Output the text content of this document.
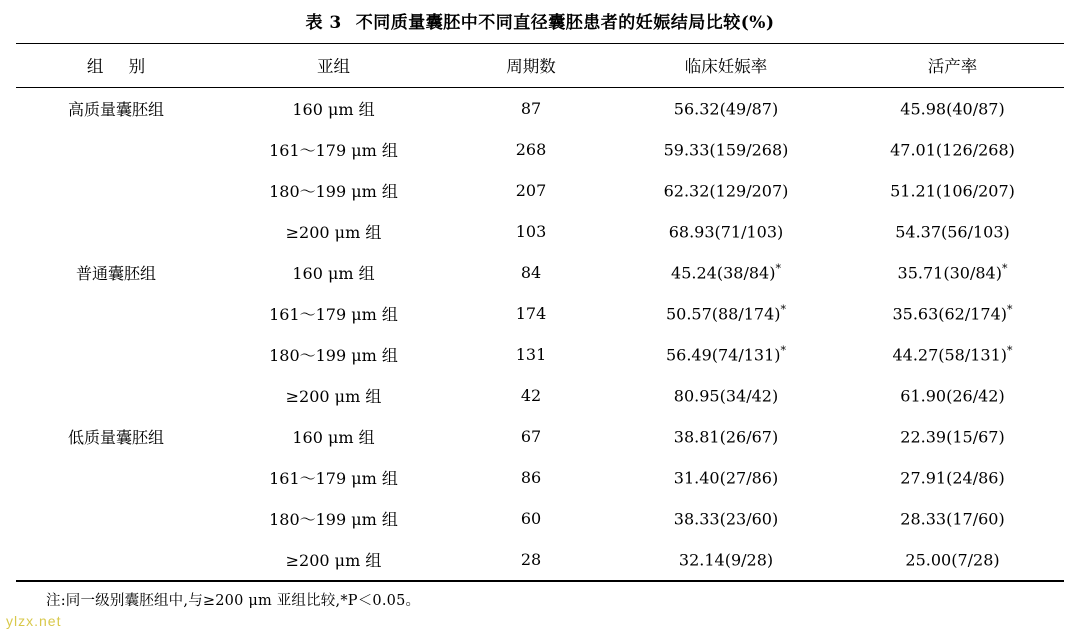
表 3 不同质量囊胚中不同直径囊胚患者的妊娠结局比较(%)
组 别	亚组	周期数	临床妊娠率	活产率
高质量囊胚组	160 μm 组	87	56.32(49/87)	45.98(40/87)
	161～179 μm 组	268	59.33(159/268)	47.01(126/268)
	180～199 μm 组	207	62.32(129/207)	51.21(106/207)
	≥200 μm 组	103	68.93(71/103)	54.37(56/103)
普通囊胚组	160 μm 组	84	45.24(38/84)*	35.71(30/84)*
	161～179 μm 组	174	50.57(88/174)*	35.63(62/174)*
	180～199 μm 组	131	56.49(74/131)*	44.27(58/131)*
	≥200 μm 组	42	80.95(34/42)	61.90(26/42)
低质量囊胚组	160 μm 组	67	38.81(26/67)	22.39(15/67)
	161～179 μm 组	86	31.40(27/86)	27.91(24/86)
	180～199 μm 组	60	38.33(23/60)	28.33(17/60)
	≥200 μm 组	28	32.14(9/28)	25.00(7/28)
注:同一级别囊胚组中,与≥200 μm 亚组比较,*P＜0.05。
ylzx.net
